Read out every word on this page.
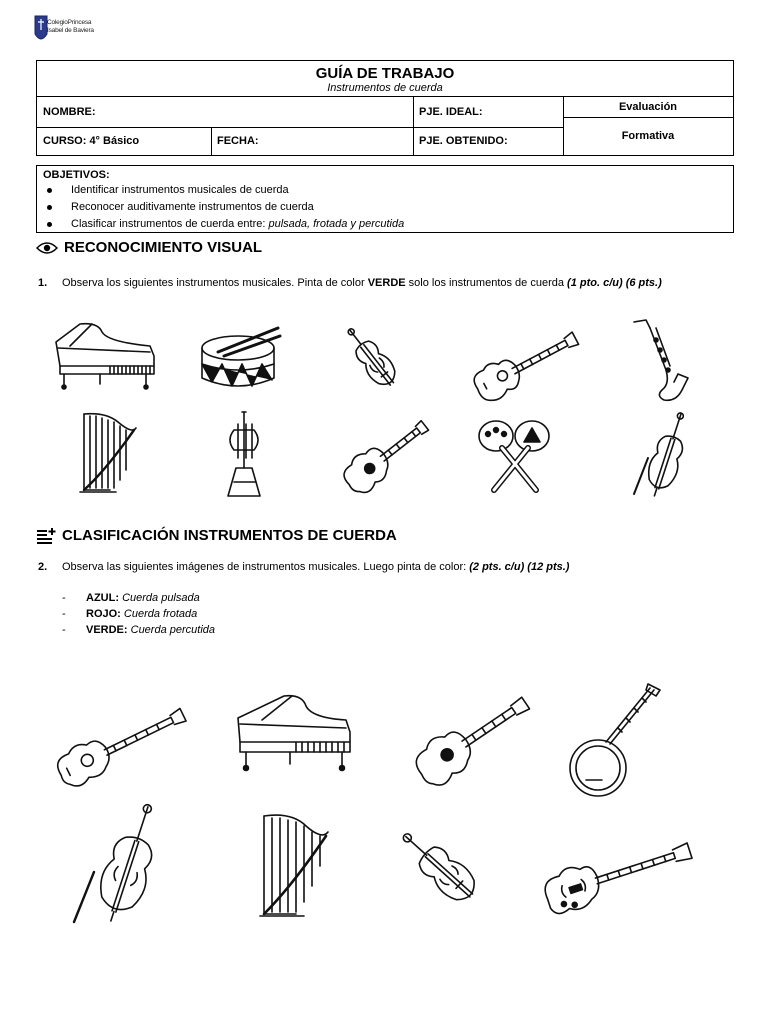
ColegioPrincesa
Isabel de Baviera
GUÍA DE TRABAJO
Instrumentos de cuerda
NOMBRE:	PJE. IDEAL:	Evaluación
CURSO: 4° Básico	FECHA:	PJE. OBTENIDO:	Formativa
OBJETIVOS:
Identificar instrumentos musicales de cuerda
Reconocer auditivamente instrumentos de cuerda
Clasificar instrumentos de cuerda entre: pulsada, frotada y percutida
RECONOCIMIENTO VISUAL
1. Observa los siguientes instrumentos musicales. Pinta de color VERDE solo los instrumentos de cuerda (1 pto. c/u) (6 pts.)
CLASIFICACIÓN INSTRUMENTOS DE CUERDA
2. Observa las siguientes imágenes de instrumentos musicales. Luego pinta de color: (2 pts. c/u) (12 pts.)
-	AZUL:
Cuerda pulsada
-	ROJO:
Cuerda frotada
-	VERDE:
Cuerda percutida
